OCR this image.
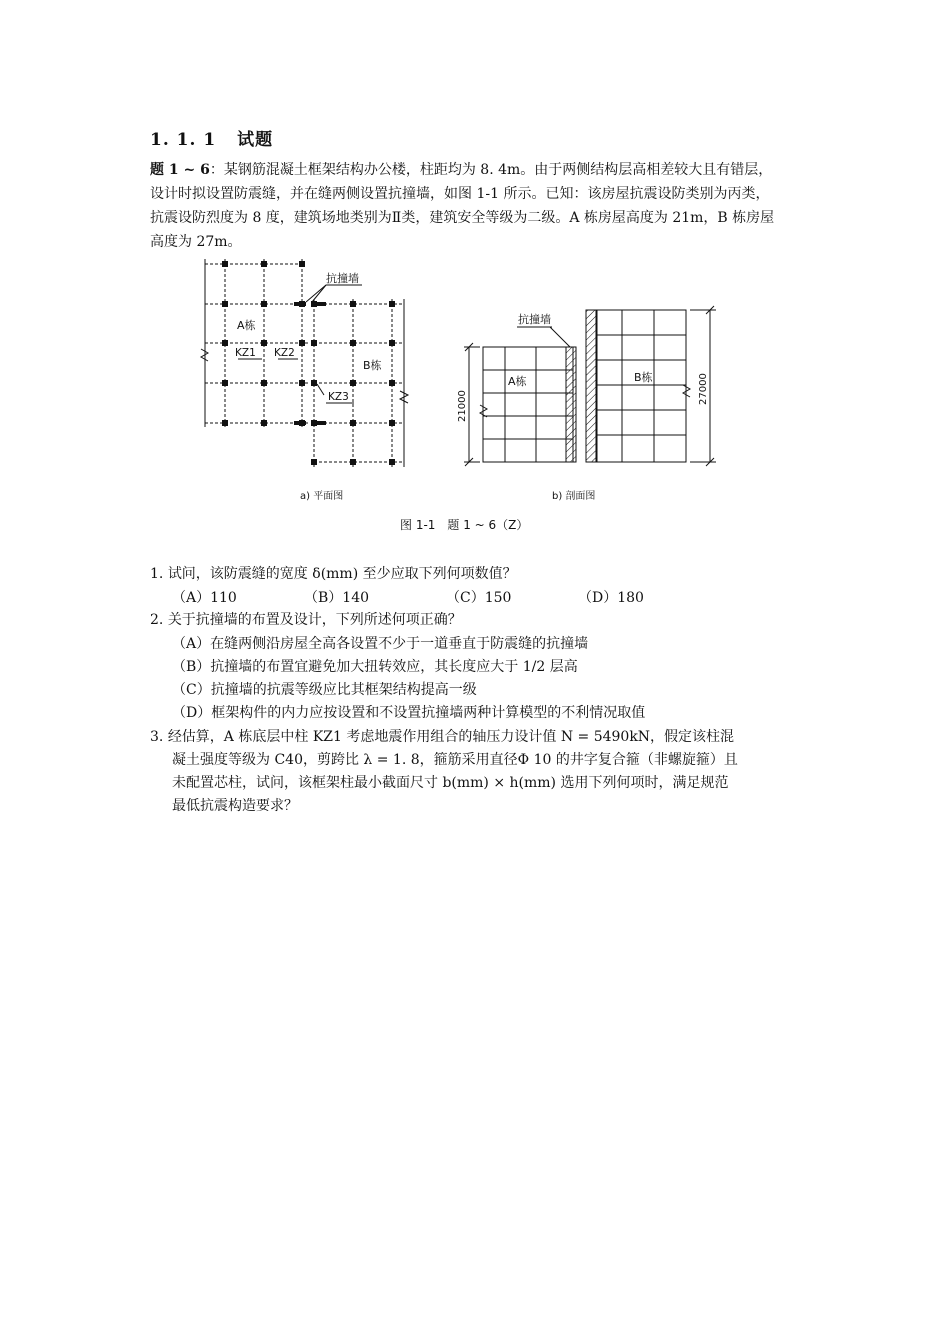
1. 1. 1 试题
题 1 ~ 6：某钢筋混凝土框架结构办公楼，柱距均为 8. 4m。由于两侧结构层高相差较大且有错层，设计时拟设置防震缝，并在缝两侧设置抗撞墙，如图 1-1 所示。已知：该房屋抗震设防类别为丙类，抗震设防烈度为 8 度，建筑场地类别为Ⅱ类，建筑安全等级为二级。A 栋房屋高度为 21m，B 栋房屋高度为 27m。
抗撞墙
A栋
B栋
KZ1 KZ2
KZ3
a) 平面图
抗撞墙
A栋	B栋
21000
27000
b) 剖面图
图 1-1　题 1 ~ 6（Z）
1. 试问，该防震缝的宽度 δ(mm) 至少应取下列何项数值？
（A）110	（B）140	（C）150	（D）180
2. 关于抗撞墙的布置及设计，下列所述何项正确？
（A）在缝两侧沿房屋全高各设置不少于一道垂直于防震缝的抗撞墙
（B）抗撞墙的布置宜避免加大扭转效应，其长度应大于 1/2 层高
（C）抗撞墙的抗震等级应比其框架结构提高一级
（D）框架构件的内力应按设置和不设置抗撞墙两种计算模型的不利情况取值
3. 经估算，A 栋底层中柱 KZ1 考虑地震作用组合的轴压力设计值 N = 5490kN，假定该柱混
凝土强度等级为 C40，剪跨比 λ = 1. 8，箍筋采用直径Φ 10 的井字复合箍（非螺旋箍）且
未配置芯柱，试问，该框架柱最小截面尺寸 b(mm) × h(mm) 选用下列何项时，满足规范
最低抗震构造要求？
